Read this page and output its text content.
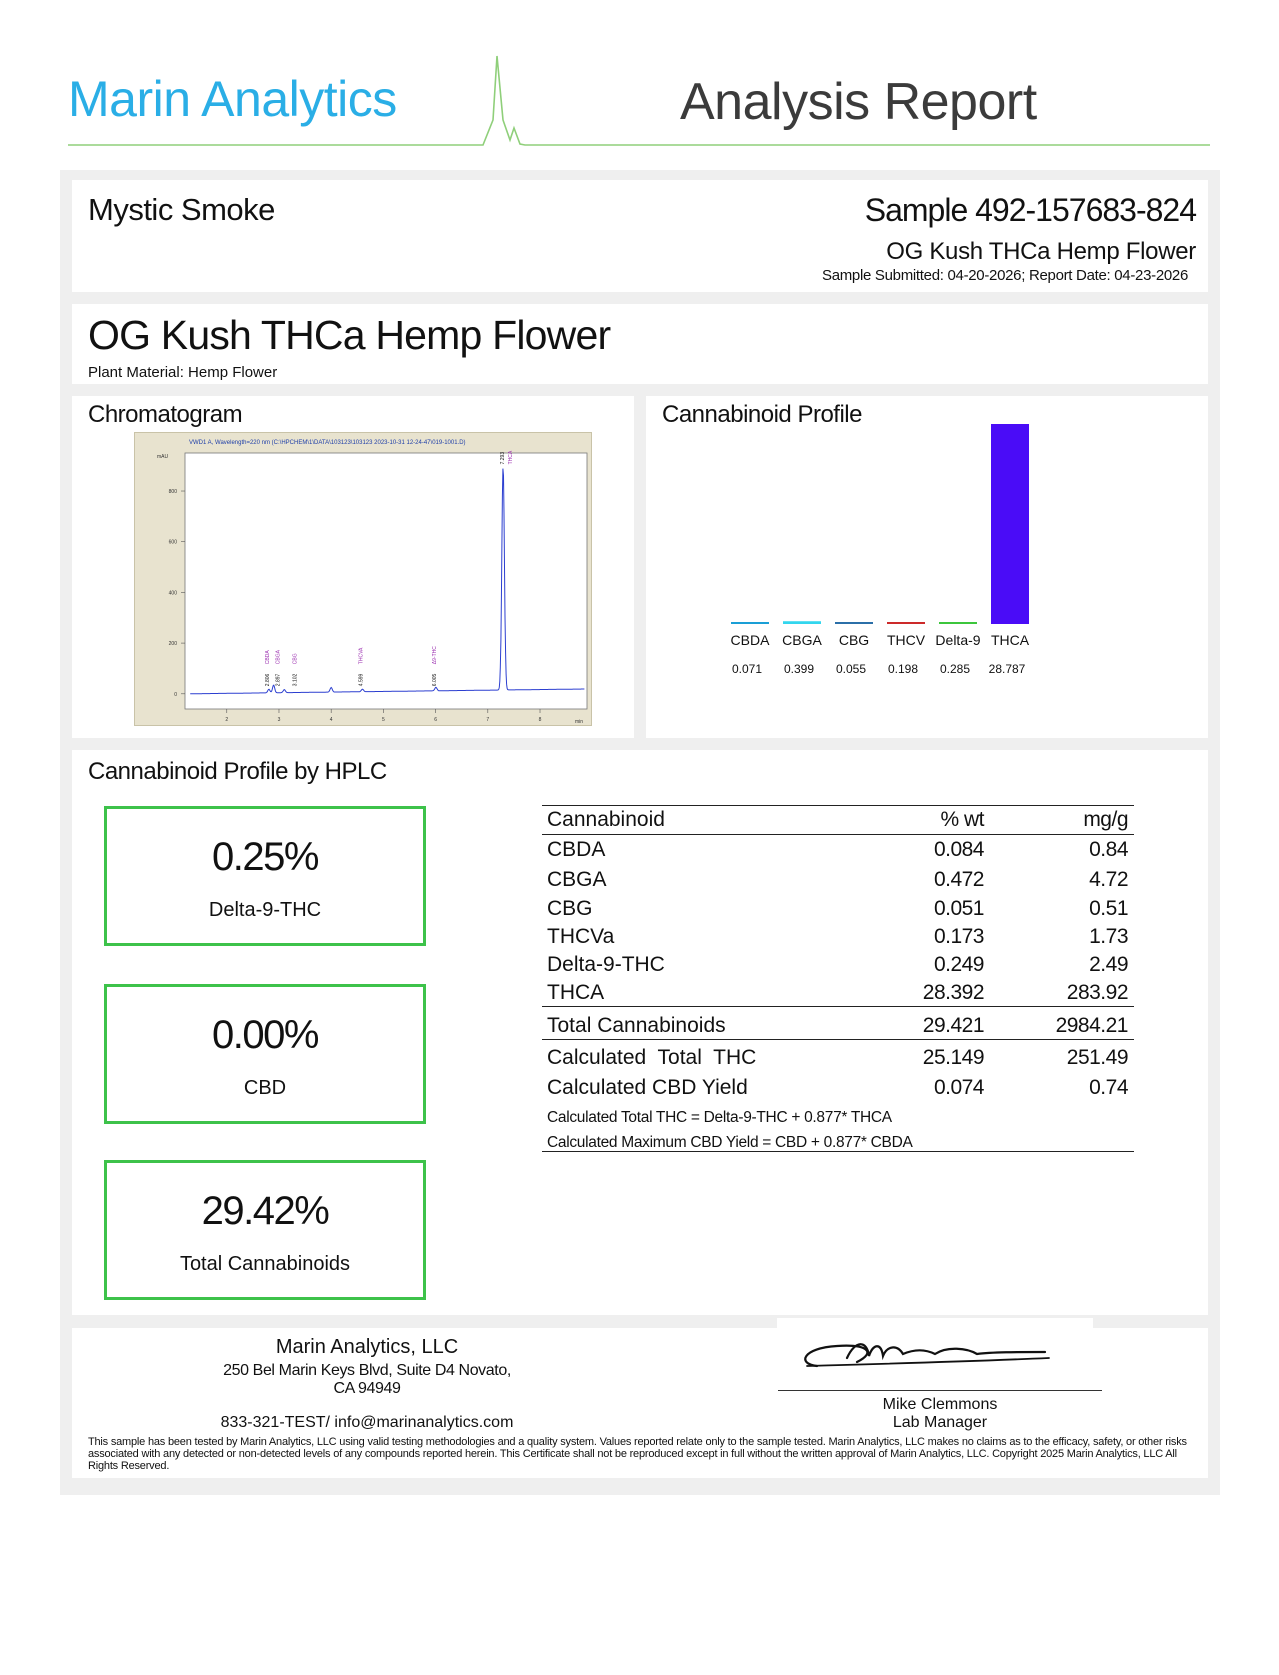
Marin Analytics	Analysis Report
Mystic Smoke	Sample 492-157683-824
OG Kush THCa Hemp Flower
Sample Submitted: 04-20-2026; Report Date: 04-23-2026
OG Kush THCa Hemp Flower
Plant Material: Hemp Flower
Chromatogram
VWD1 A, Wavelength=220 nm (C:\HPCHEM\1\DATA\103123\103123 2023-10-31 12-24-47\019-1001.D)
mAU
min
800
600
400
200
0
2	3	4	5	6	7	8
2.806
CBDA
2.897
CBGA
3.102
CBG
4.599
THCVA
6.005
Δ9-THC
7.293 THCA
Cannabinoid Profile
CBDA
0.071
CBGA
0.399
CBG
0.055
THCV
0.198
Delta-9
0.285
THCA
28.787
Cannabinoid Profile by HPLC
0.25%
Delta-9-THC
0.00%
CBD
29.42%
Total Cannabinoids
Cannabinoid	% wt	mg/g
CBDA	0.084	0.84
CBGA	0.472	4.72
CBG	0.051	0.51
THCVa	0.173	1.73
Delta-9-THC	0.249	2.49
THCA	28.392	283.92
Total Cannabinoids	29.421	2984.21
Calculated  Total  THC	25.149	251.49
Calculated CBD Yield	0.074	0.74
Calculated Total THC = Delta-9-THC + 0.877* THCA
Calculated Maximum CBD Yield = CBD + 0.877* CBDA
Marin Analytics, LLC
250 Bel Marin Keys Blvd, Suite D4 Novato,
CA 94949
833-321-TEST/ info@marinanalytics.com
Mike Clemmons
Lab Manager
This sample has been tested by Marin Analytics, LLC using valid testing methodologies and a quality system. Values reported relate only to the sample tested. Marin Analytics, LLC makes no claims as to the efficacy, safety, or other risks associated with any detected or non-detected levels of any compounds reported herein. This Certificate shall not be reproduced except in full without the written approval of Marin Analytics, LLC. Copyright 2025 Marin Analytics, LLC All Rights Reserved.
